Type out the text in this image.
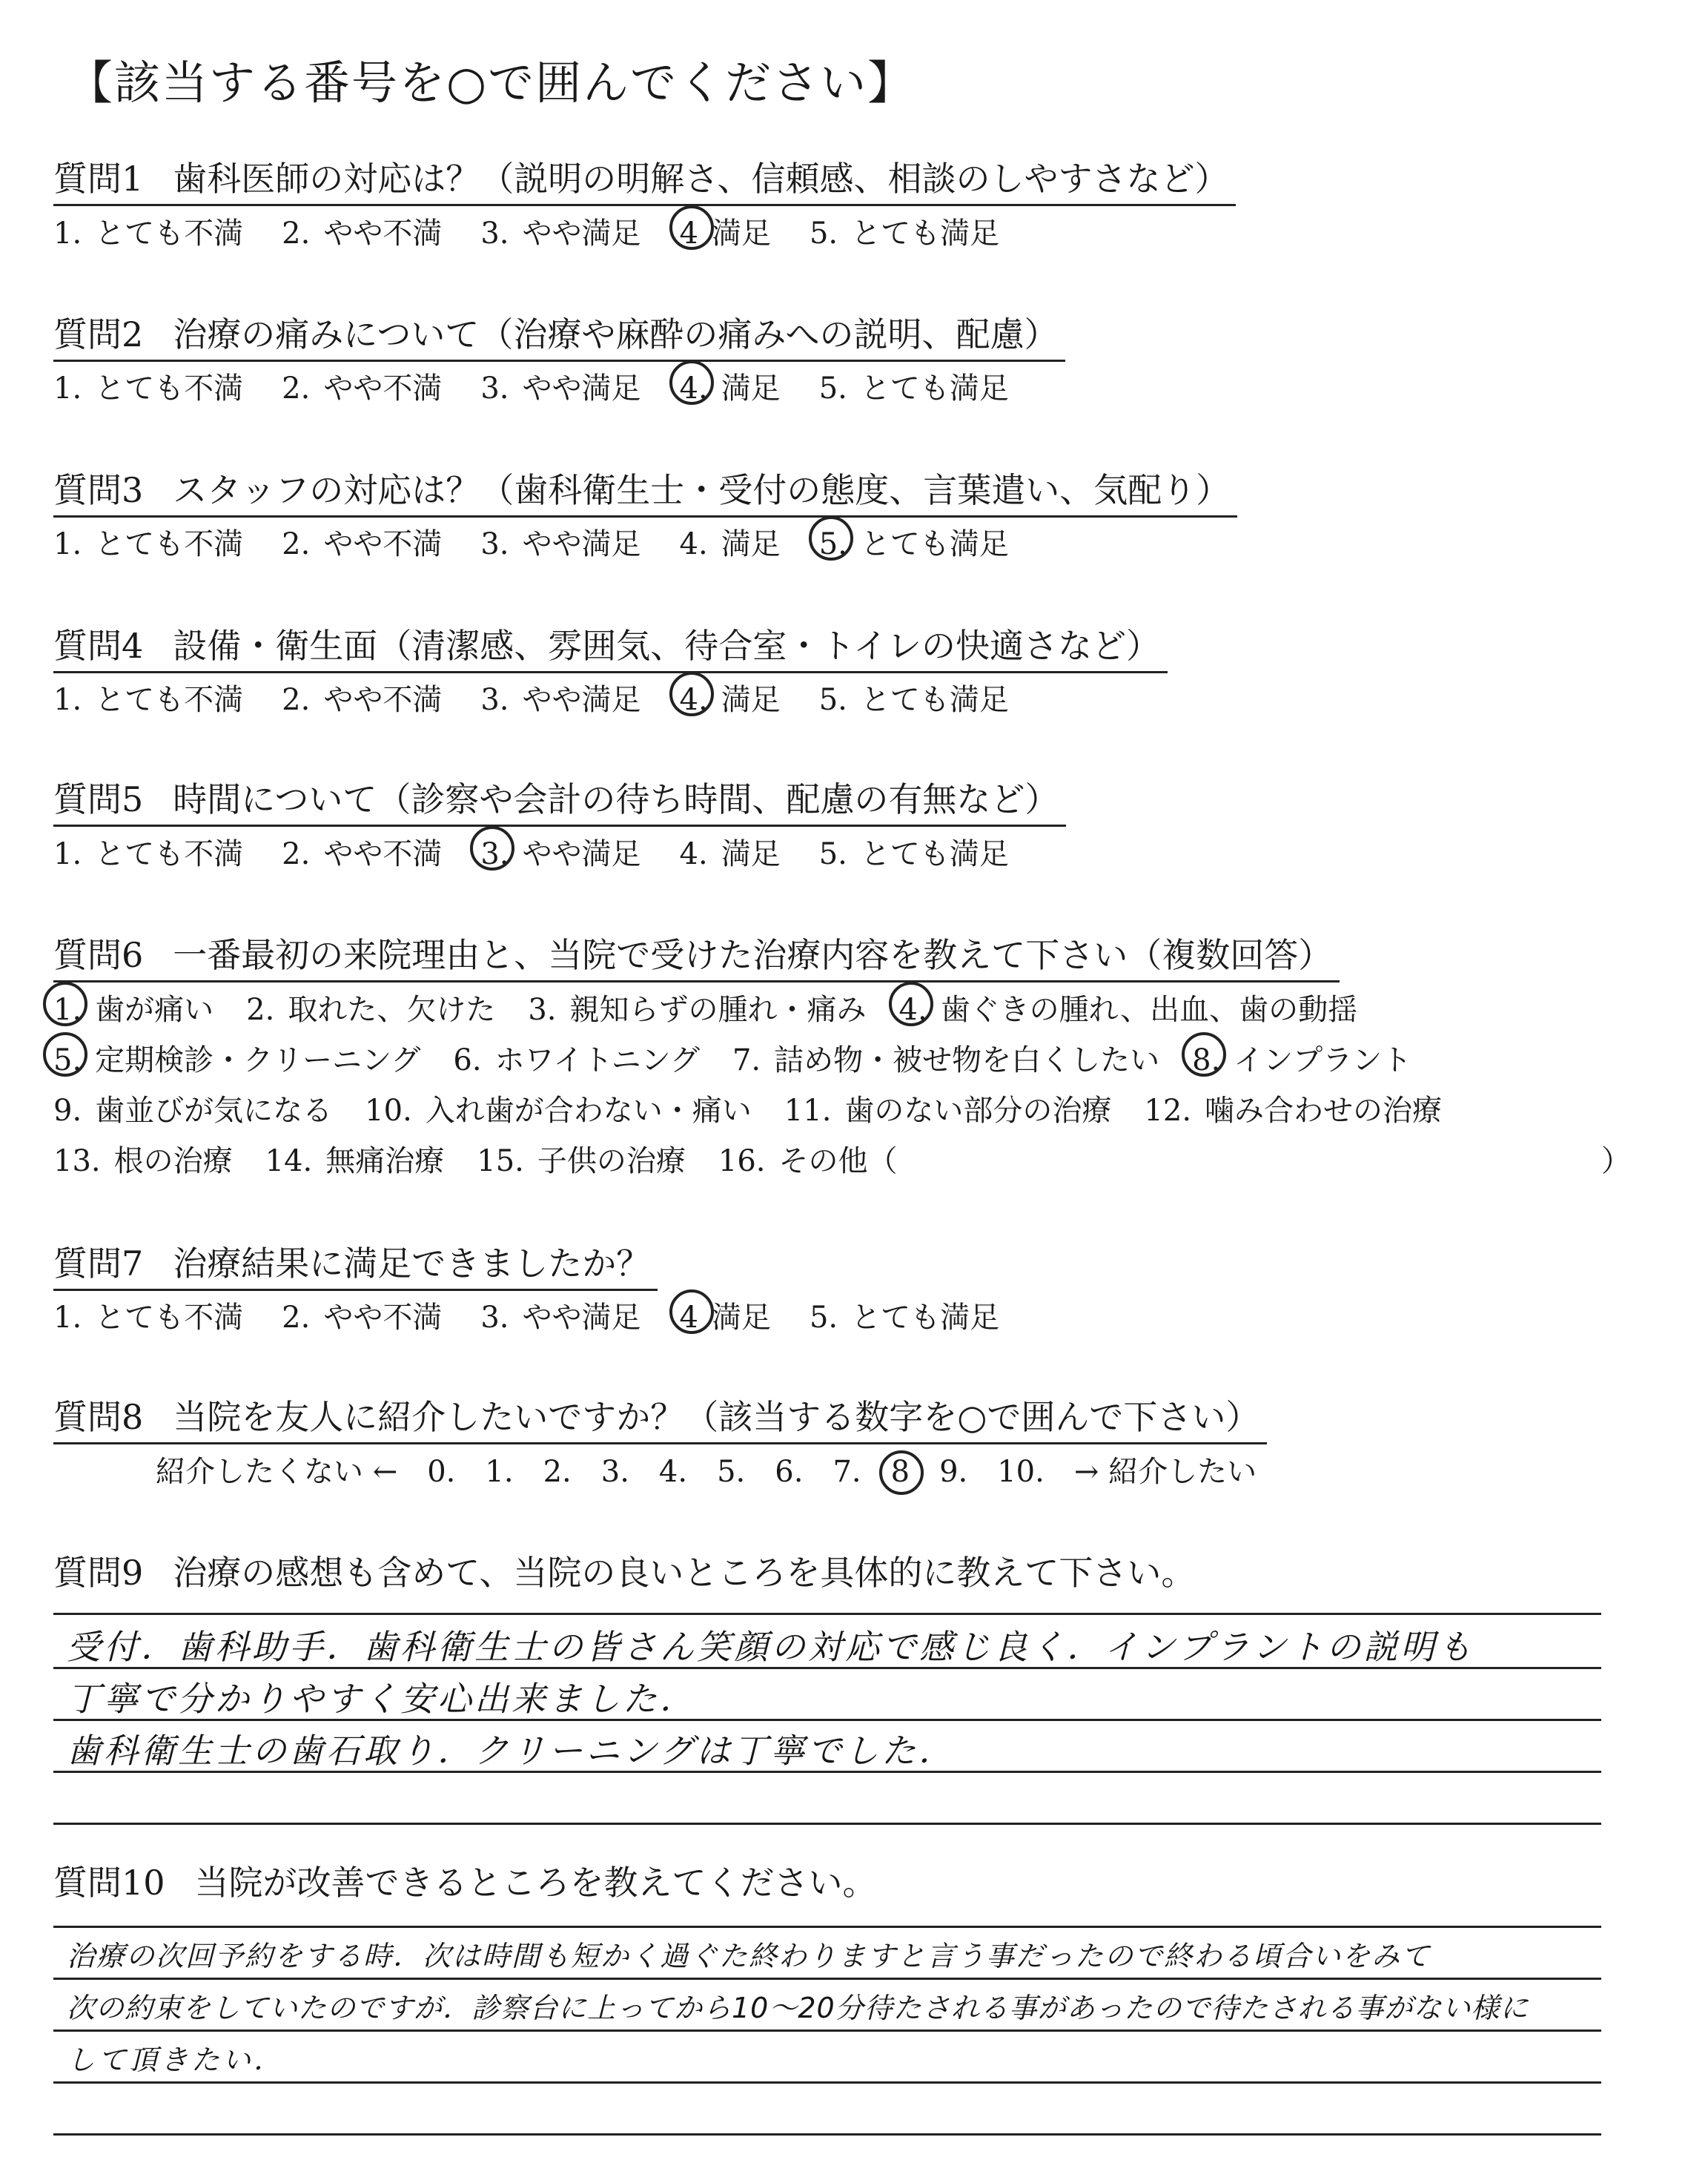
【該当する番号を○で囲んでください】
質問1 歯科医師の対応は？（説明の明解さ、信頼感、相談のしやすさなど）
1. とても不満 2. やや不満 3. やや満足 4 満足 5. とても満足
質問2 治療の痛みについて（治療や麻酔の痛みへの説明、配慮）
1. とても不満 2. やや不満 3. やや満足 4. 満足 5. とても満足
質問3 スタッフの対応は？（歯科衛生士・受付の態度、言葉遣い、気配り）
1. とても不満 2. やや不満 3. やや満足 4. 満足 5. とても満足
質問4 設備・衛生面（清潔感、雰囲気、待合室・トイレの快適さなど）
1. とても不満 2. やや不満 3. やや満足 4. 満足 5. とても満足
質問5 時間について（診察や会計の待ち時間、配慮の有無など）
1. とても不満 2. やや不満 3. やや満足 4. 満足 5. とても満足
質問6 一番最初の来院理由と、当院で受けた治療内容を教えて下さい（複数回答）
1. 歯が痛い 2. 取れた、欠けた 3. 親知らずの腫れ・痛み 4. 歯ぐきの腫れ、出血、歯の動揺
5. 定期検診・クリーニング 6. ホワイトニング 7. 詰め物・被せ物を白くしたい 8. インプラント
9. 歯並びが気になる 10. 入れ歯が合わない・痛い 11. 歯のない部分の治療 12. 噛み合わせの治療
13. 根の治療 14. 無痛治療 15. 子供の治療 16. その他（	）
質問7 治療結果に満足できましたか？
1. とても不満 2. やや不満 3. やや満足 4 満足 5. とても満足
質問8 当院を友人に紹介したいですか？（該当する数字を○で囲んで下さい）
紹介したくない ← 0. 1. 2. 3. 4. 5. 6. 7. 8 9. 10. → 紹介したい
質問9 治療の感想も含めて、当院の良いところを具体的に教えて下さい。
受付．歯科助手．歯科衛生士の皆さん笑顔の対応で感じ良く．インプラントの説明も
丁寧で分かりやすく安心出来ました．
歯科衛生士の歯石取り．クリーニングは丁寧でした．
質問10 当院が改善できるところを教えてください。
治療の次回予約をする時．次は時間も短かく過ぐた終わりますと言う事だったので終わる頃合いをみて
次の約束をしていたのですが．診察台に上ってから10～20分待たされる事があったので待たされる事がない様に
して頂きたい．
